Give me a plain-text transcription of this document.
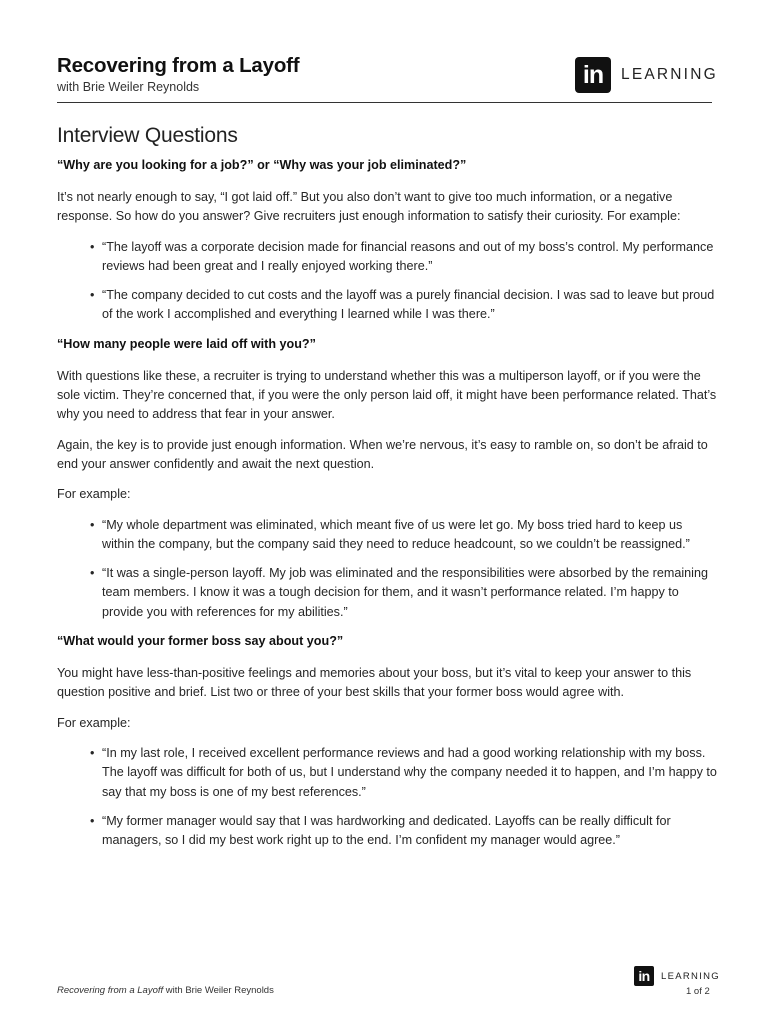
Recovering from a Layoff
with Brie Weiler Reynolds	in	LEARNING
Interview Questions
“Why are you looking for a job?” or “Why was your job eliminated?”
It’s not nearly enough to say, “I got laid off.” But you also don’t want to give too much information, or a negative response. So how do you answer? Give recruiters just enough information to satisfy their curiosity. For example:
• “The layoff was a corporate decision made for financial reasons and out of my boss’s control. My performance reviews had been great and I really enjoyed working there.”
• “The company decided to cut costs and the layoff was a purely financial decision. I was sad to leave but proud of the work I accomplished and everything I learned while I was there.”
“How many people were laid off with you?”
With questions like these, a recruiter is trying to understand whether this was a multiperson layoff, or if you were the sole victim. They’re concerned that, if you were the only person laid off, it might have been performance related. That’s why you need to address that fear in your answer.
Again, the key is to provide just enough information. When we’re nervous, it’s easy to ramble on, so don’t be afraid to end your answer confidently and await the next question.
For example:
• “My whole department was eliminated, which meant five of us were let go. My boss tried hard to keep us within the company, but the company said they need to reduce headcount, so we couldn’t be reassigned.”
• “It was a single-person layoff. My job was eliminated and the responsibilities were absorbed by the remaining team members. I know it was a tough decision for them, and it wasn’t performance related. I’m happy to provide you with references for my abilities.”
“What would your former boss say about you?”
You might have less-than-positive feelings and memories about your boss, but it’s vital to keep your answer to this question positive and brief. List two or three of your best skills that your former boss would agree with.
For example:
• “In my last role, I received excellent performance reviews and had a good working relationship with my boss. The layoff was difficult for both of us, but I understand why the company needed it to happen, and I’m happy to say that my boss is one of my best references.”
• “My former manager would say that I was hardworking and dedicated. Layoffs can be really difficult for managers, so I did my best work right up to the end. I’m confident my manager would agree.”
Recovering from a Layoff with Brie Weiler Reynolds
in	LEARNING
1 of 2
